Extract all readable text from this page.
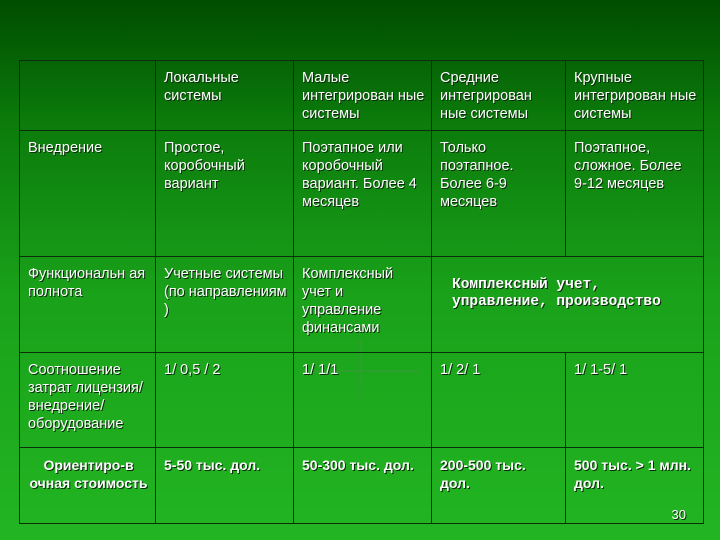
	Локальные системы	Малые интегрирован ные системы	Средние интегрирован ные системы	Крупные интегрирован ные системы
Внедрение	Простое, коробочный вариант	Поэтапное или коробочный вариант. Более 4 месяцев	Только поэтапное. Более 6-9 месяцев	Поэтапное, сложное. Более 9-12 месяцев
Функциональн ая полнота	Учетные системы (по направлениям )	Комплексный учет и управление финансами	Комплексный учет, управление, производство	

Соотношение затрат лицензия/ внедрение/ оборудование	1/ 0,5 / 2	1/ 1/1	1/ 2/ 1	1/ 1-5/ 1
Ориентиро-в очная стоимость	5-50 тыс. дол.	50-300 тыс. дол.	200-500 тыс. дол.	500 тыс. > 1 млн. дол.
30
